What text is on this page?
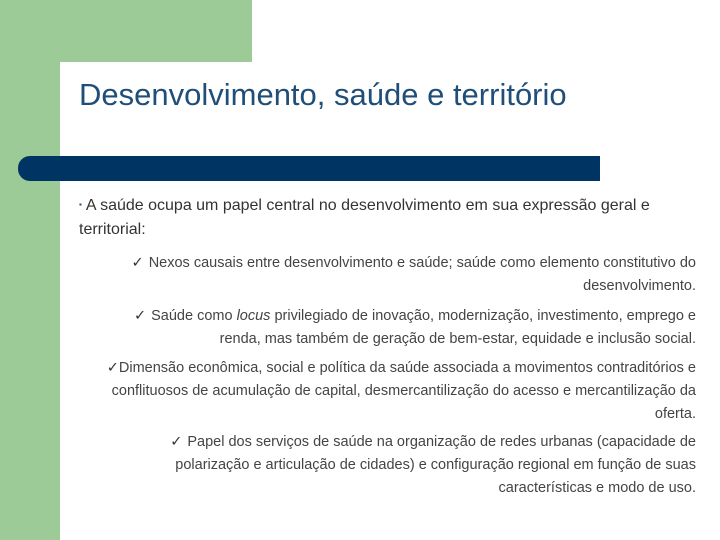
Desenvolvimento, saúde e território

▪ A saúde ocupa um papel central no desenvolvimento em sua expressão geral e territorial:

✓ Nexos causais entre desenvolvimento e saúde; saúde como elemento constitutivo do desenvolvimento.

✓ Saúde como locus privilegiado de inovação, modernização, investimento, emprego e renda, mas também de geração de bem-estar, equidade e inclusão social.

✓Dimensão econômica, social e política da saúde associada a movimentos contraditórios e conflituosos de acumulação de capital, desmercantilização do acesso e mercantilização da oferta.

✓ Papel dos serviços de saúde na organização de redes urbanas (capacidade de polarização e articulação de cidades) e configuração regional em função de suas características e modo de uso.
